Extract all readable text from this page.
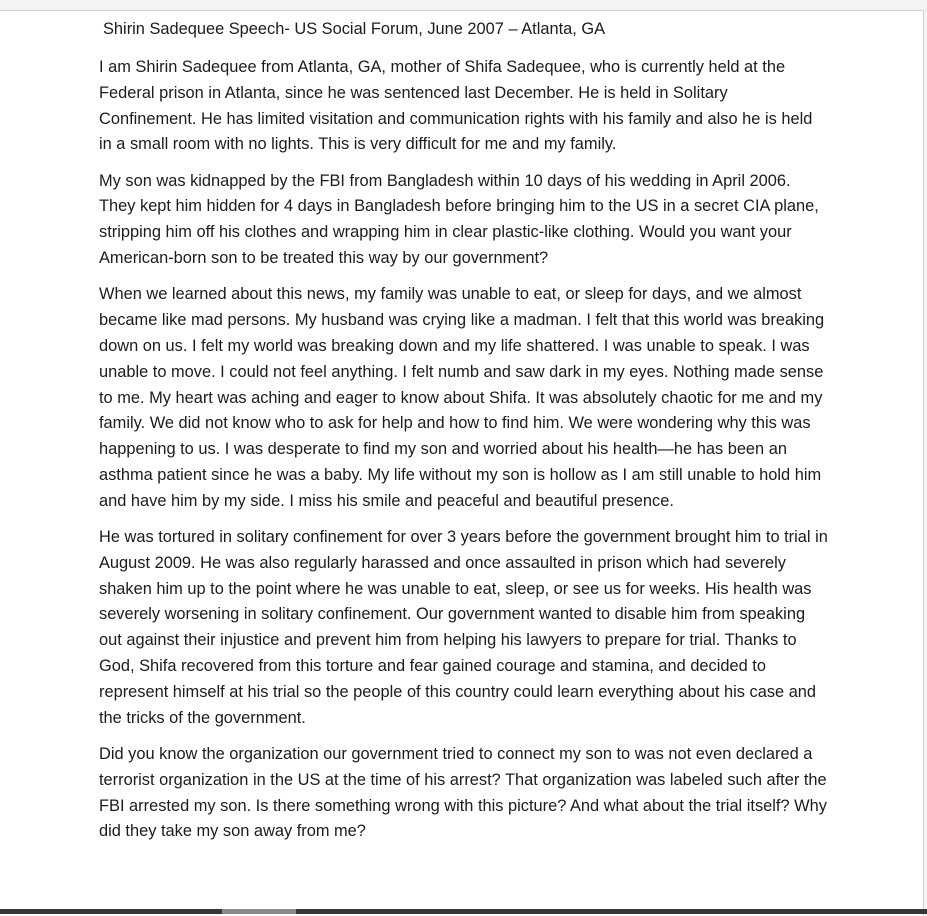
Shirin Sadequee Speech- US Social Forum, June 2007 – Atlanta, GA

I am Shirin Sadequee from Atlanta, GA, mother of Shifa Sadequee, who is currently held at the Federal prison in Atlanta, since he was sentenced last December. He is held in Solitary Confinement. He has limited visitation and communication rights with his family and also he is held in a small room with no lights. This is very difficult for me and my family.

My son was kidnapped by the FBI from Bangladesh within 10 days of his wedding in April 2006. They kept him hidden for 4 days in Bangladesh before bringing him to the US in a secret CIA plane, stripping him off his clothes and wrapping him in clear plastic-like clothing. Would you want your American-born son to be treated this way by our government?

When we learned about this news, my family was unable to eat, or sleep for days, and we almost became like mad persons. My husband was crying like a madman. I felt that this world was breaking down on us. I felt my world was breaking down and my life shattered. I was unable to speak. I was unable to move. I could not feel anything. I felt numb and saw dark in my eyes. Nothing made sense to me. My heart was aching and eager to know about Shifa. It was absolutely chaotic for me and my family. We did not know who to ask for help and how to find him. We were wondering why this was happening to us. I was desperate to find my son and worried about his health—he has been an asthma patient since he was a baby. My life without my son is hollow as I am still unable to hold him and have him by my side. I miss his smile and peaceful and beautiful presence.

He was tortured in solitary confinement for over 3 years before the government brought him to trial in August 2009. He was also regularly harassed and once assaulted in prison which had severely shaken him up to the point where he was unable to eat, sleep, or see us for weeks. His health was severely worsening in solitary confinement. Our government wanted to disable him from speaking out against their injustice and prevent him from helping his lawyers to prepare for trial. Thanks to God, Shifa recovered from this torture and fear gained courage and stamina, and decided to represent himself at his trial so the people of this country could learn everything about his case and the tricks of the government.

Did you know the organization our government tried to connect my son to was not even declared a terrorist organization in the US at the time of his arrest? That organization was labeled such after the FBI arrested my son. Is there something wrong with this picture? And what about the trial itself? Why did they take my son away from me?
